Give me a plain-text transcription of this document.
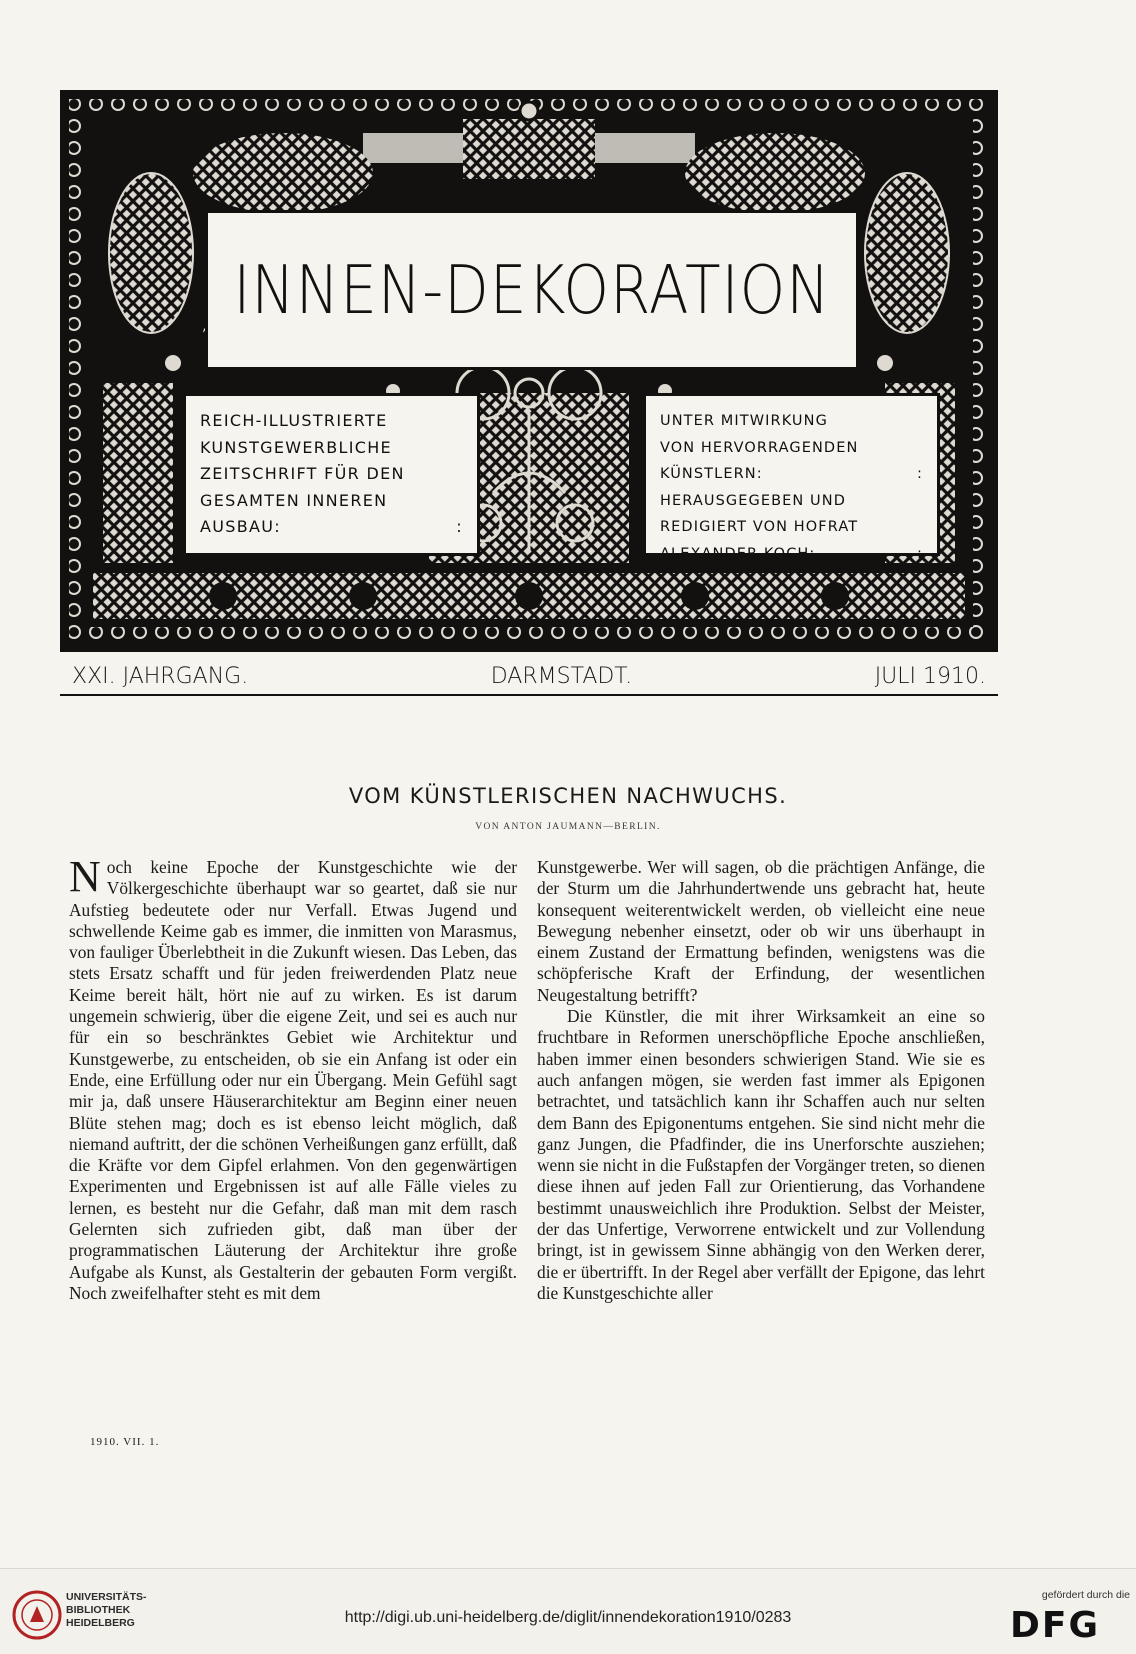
INNEN-DEKORATION
REICH-ILLUSTRIERTE
KUNSTGEWERBLICHE
ZEITSCHRIFT FÜR DEN
GESAMTEN INNEREN
AUSBAU:	:
UNTER MITWIRKUNG
VON HERVORRAGENDEN
KÜNSTLERN:	:
HERAUSGEGEBEN UND
REDIGIERT VON HOFRAT
ALEXANDER KOCH:	:
XXI. JAHRGANG.	DARMSTADT.	JULI 1910.
VOM KÜNSTLERISCHEN NACHWUCHS.
VON ANTON JAUMANN—BERLIN.

Noch keine Epoche der Kunstgeschichte wie der Völkergeschichte überhaupt war so geartet, daß sie nur Aufstieg bedeutete oder nur Verfall. Etwas Jugend und schwellende Keime gab es immer, die inmitten von Marasmus, von fauliger Überlebtheit in die Zukunft wiesen. Das Leben, das stets Ersatz schafft und für jeden freiwerdenden Platz neue Keime bereit hält, hört nie auf zu wirken. Es ist darum ungemein schwierig, über die eigene Zeit, und sei es auch nur für ein so beschränktes Gebiet wie Architektur und Kunstgewerbe, zu entscheiden, ob sie ein Anfang ist oder ein Ende, eine Erfüllung oder nur ein Übergang. Mein Gefühl sagt mir ja, daß unsere Häuserarchitektur am Beginn einer neuen Blüte stehen mag; doch es ist ebenso leicht möglich, daß niemand auftritt, der die schönen Verheißungen ganz erfüllt, daß die Kräfte vor dem Gipfel erlahmen. Von den gegenwärtigen Experimenten und Ergebnissen ist auf alle Fälle vieles zu lernen, es besteht nur die Gefahr, daß man mit dem rasch Gelernten sich zufrieden gibt, daß man über der programmatischen Läuterung der Architektur ihre große Aufgabe als Kunst, als Gestalterin der gebauten Form vergißt. Noch zweifelhafter steht es mit dem

Kunstgewerbe. Wer will sagen, ob die prächtigen Anfänge, die der Sturm um die Jahrhundertwende uns gebracht hat, heute konsequent weiterentwickelt werden, ob vielleicht eine neue Bewegung nebenher einsetzt, oder ob wir uns überhaupt in einem Zustand der Ermattung befinden, wenigstens was die schöpferische Kraft der Erfindung, der wesentlichen Neugestaltung betrifft?

Die Künstler, die mit ihrer Wirksamkeit an eine so fruchtbare in Reformen unerschöpfliche Epoche anschließen, haben immer einen besonders schwierigen Stand. Wie sie es auch anfangen mögen, sie werden fast immer als Epigonen betrachtet, und tatsächlich kann ihr Schaffen auch nur selten dem Bann des Epigonentums entgehen. Sie sind nicht mehr die ganz Jungen, die Pfadfinder, die ins Unerforschte ausziehen; wenn sie nicht in die Fußstapfen der Vorgänger treten, so dienen diese ihnen auf jeden Fall zur Orientierung, das Vorhandene bestimmt unausweichlich ihre Produktion. Selbst der Meister, der das Unfertige, Verworrene entwickelt und zur Vollendung bringt, ist in gewissem Sinne abhängig von den Werken derer, die er übertrifft. In der Regel aber verfällt der Epigone, das lehrt die Kunstgeschichte aller

1910. VII. 1.
UNIVERSITÄTS-
BIBLIOTHEK
HEIDELBERG	http://digi.ub.uni-heidelberg.de/diglit/innendekoration1910/0283
gefördert durch die
DFG
